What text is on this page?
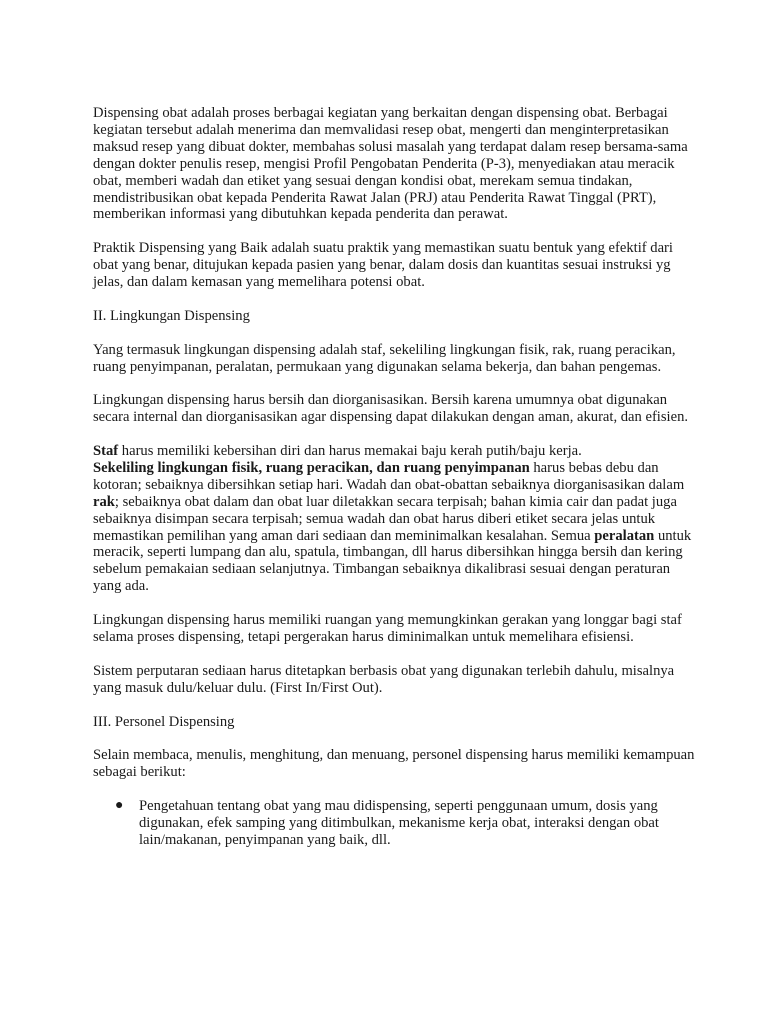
Dispensing obat adalah proses berbagai kegiatan yang berkaitan dengan dispensing obat. Berbagai kegiatan tersebut adalah menerima dan memvalidasi resep obat, mengerti dan menginterpretasikan maksud resep yang dibuat dokter, membahas solusi masalah yang terdapat dalam resep bersama-sama dengan dokter penulis resep, mengisi Profil Pengobatan Penderita (P-3), menyediakan atau meracik obat, memberi wadah dan etiket yang sesuai dengan kondisi obat, merekam semua tindakan, mendistribusikan obat kepada Penderita Rawat Jalan (PRJ) atau Penderita Rawat Tinggal (PRT), memberikan informasi yang dibutuhkan kepada penderita dan perawat.

Praktik Dispensing yang Baik adalah suatu praktik yang memastikan suatu bentuk yang efektif dari obat yang benar, ditujukan kepada pasien yang benar, dalam dosis dan kuantitas sesuai instruksi yg jelas, dan dalam kemasan yang memelihara potensi obat.

II. Lingkungan Dispensing

Yang termasuk lingkungan dispensing adalah staf, sekeliling lingkungan fisik, rak, ruang peracikan, ruang penyimpanan, peralatan, permukaan yang digunakan selama bekerja, dan bahan pengemas.

Lingkungan dispensing harus bersih dan diorganisasikan. Bersih karena umumnya obat digunakan secara internal dan diorganisasikan agar dispensing dapat dilakukan dengan aman, akurat, dan efisien.

Staf harus memiliki kebersihan diri dan harus memakai baju kerah putih/baju kerja.
Sekeliling lingkungan fisik, ruang peracikan, dan ruang penyimpanan harus bebas debu dan kotoran; sebaiknya dibersihkan setiap hari. Wadah dan obat-obattan sebaiknya diorganisasikan dalam rak; sebaiknya obat dalam dan obat luar diletakkan secara terpisah; bahan kimia cair dan padat juga sebaiknya disimpan secara terpisah; semua wadah dan obat harus diberi etiket secara jelas untuk memastikan pemilihan yang aman dari sediaan dan meminimalkan kesalahan. Semua peralatan untuk meracik, seperti lumpang dan alu, spatula, timbangan, dll harus dibersihkan hingga bersih dan kering sebelum pemakaian sediaan selanjutnya. Timbangan sebaiknya dikalibrasi sesuai dengan peraturan yang ada.

Lingkungan dispensing harus memiliki ruangan yang memungkinkan gerakan yang longgar bagi staf selama proses dispensing, tetapi pergerakan harus diminimalkan untuk memelihara efisiensi.

Sistem perputaran sediaan harus ditetapkan berbasis obat yang digunakan terlebih dahulu, misalnya yang masuk dulu/keluar dulu. (First In/First Out).

III. Personel Dispensing

Selain membaca, menulis, menghitung, dan menuang, personel dispensing harus memiliki kemampuan sebagai berikut:

● Pengetahuan tentang obat yang mau didispensing, seperti penggunaan umum, dosis yang digunakan, efek samping yang ditimbulkan, mekanisme kerja obat, interaksi dengan obat lain/makanan, penyimpanan yang baik, dll.
